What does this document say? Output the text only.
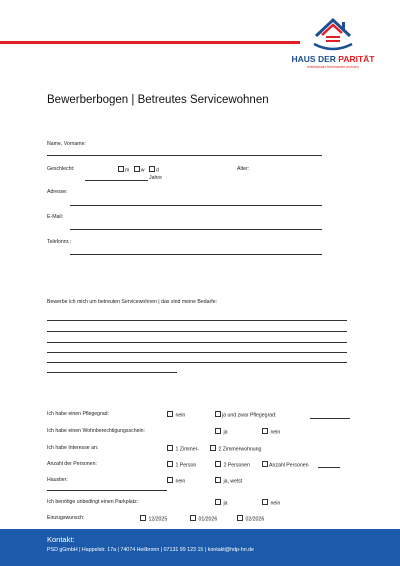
HAUS DER PARITÄT
miteinander füreinander wohnen
Bewerberbogen | Betreutes Servicewohnen
Name, Vorname:
Geschlecht:	m w d	Alter:
Jahre
Adresse:
E-Mail:
Telefonnr.:
Bewerbe ich mich um betreuten Servicewohnen | das sind meine Bedarfe:
Ich habe einen Pflegegrad:	nein	ja und zwar Pflegegrad:
Ich habe einen Wohnberechtigungsschein:	ja	nein
Ich habe Interesse an:	1 Zimmer-	2 Zimmerwohnung
Anzahl der Personen:	1 Person	2 Personen	Anzahl Personen
Haustier:	nein	ja, welst
Ich benötige unbedingt einen Parkplatz:	ja	nein
Einzugswunsch:	12/2025	01/2026	02/2026
Kontakt:
PSD gGmbH | Happelstr. 17a | 74074 Heilbronn | 07131 99 123 15 | kontakt@hdp-hn.de
